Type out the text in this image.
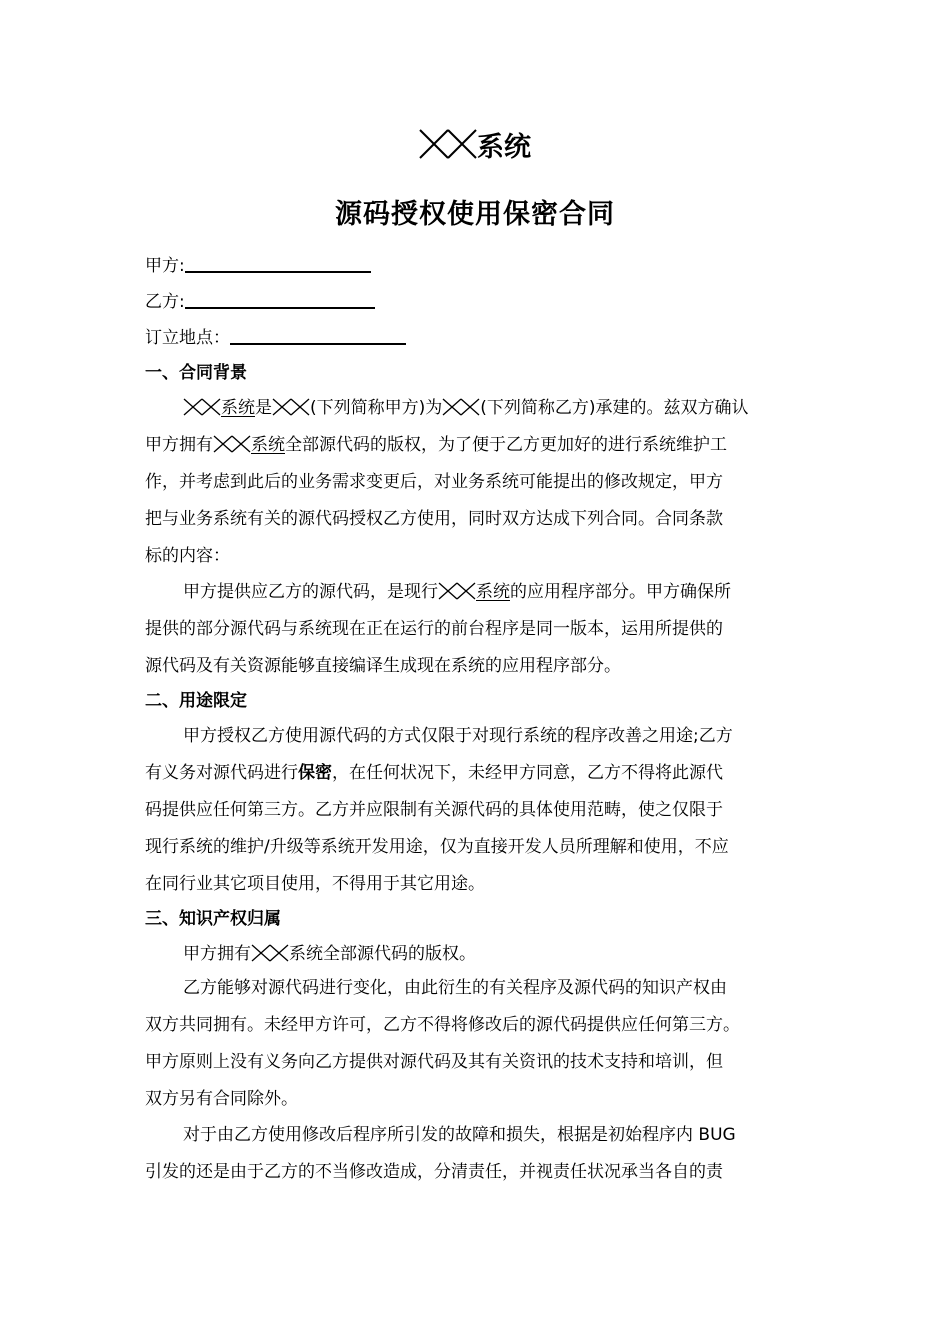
系统
源码授权使用保密合同
甲方:
乙方:
订立地点：
一、合同背景
系统是 (下列简称甲方)为 (下列简称乙方)承建的。兹双方确认
甲方拥有 系统全部源代码的版权，为了便于乙方更加好的进行系统维护工
作，并考虑到此后的业务需求变更后，对业务系统可能提出的修改规定，甲方
把与业务系统有关的源代码授权乙方使用，同时双方达成下列合同。合同条款
标的内容：
甲方提供应乙方的源代码，是现行 系统的应用程序部分。甲方确保所
提供的部分源代码与系统现在正在运行的前台程序是同一版本，运用所提供的
源代码及有关资源能够直接编译生成现在系统的应用程序部分。
二、用途限定
甲方授权乙方使用源代码的方式仅限于对现行系统的程序改善之用途;乙方
有义务对源代码进行保密，在任何状况下，未经甲方同意，乙方不得将此源代
码提供应任何第三方。乙方并应限制有关源代码的具体使用范畴，使之仅限于
现行系统的维护/升级等系统开发用途，仅为直接开发人员所理解和使用，不应
在同行业其它项目使用，不得用于其它用途。
三、知识产权归属
甲方拥有 系统全部源代码的版权。
乙方能够对源代码进行变化，由此衍生的有关程序及源代码的知识产权由
双方共同拥有。未经甲方许可，乙方不得将修改后的源代码提供应任何第三方。
甲方原则上没有义务向乙方提供对源代码及其有关资讯的技术支持和培训，但
双方另有合同除外。
对于由乙方使用修改后程序所引发的故障和损失，根据是初始程序内 BUG
引发的还是由于乙方的不当修改造成，分清责任，并视责任状况承当各自的责
